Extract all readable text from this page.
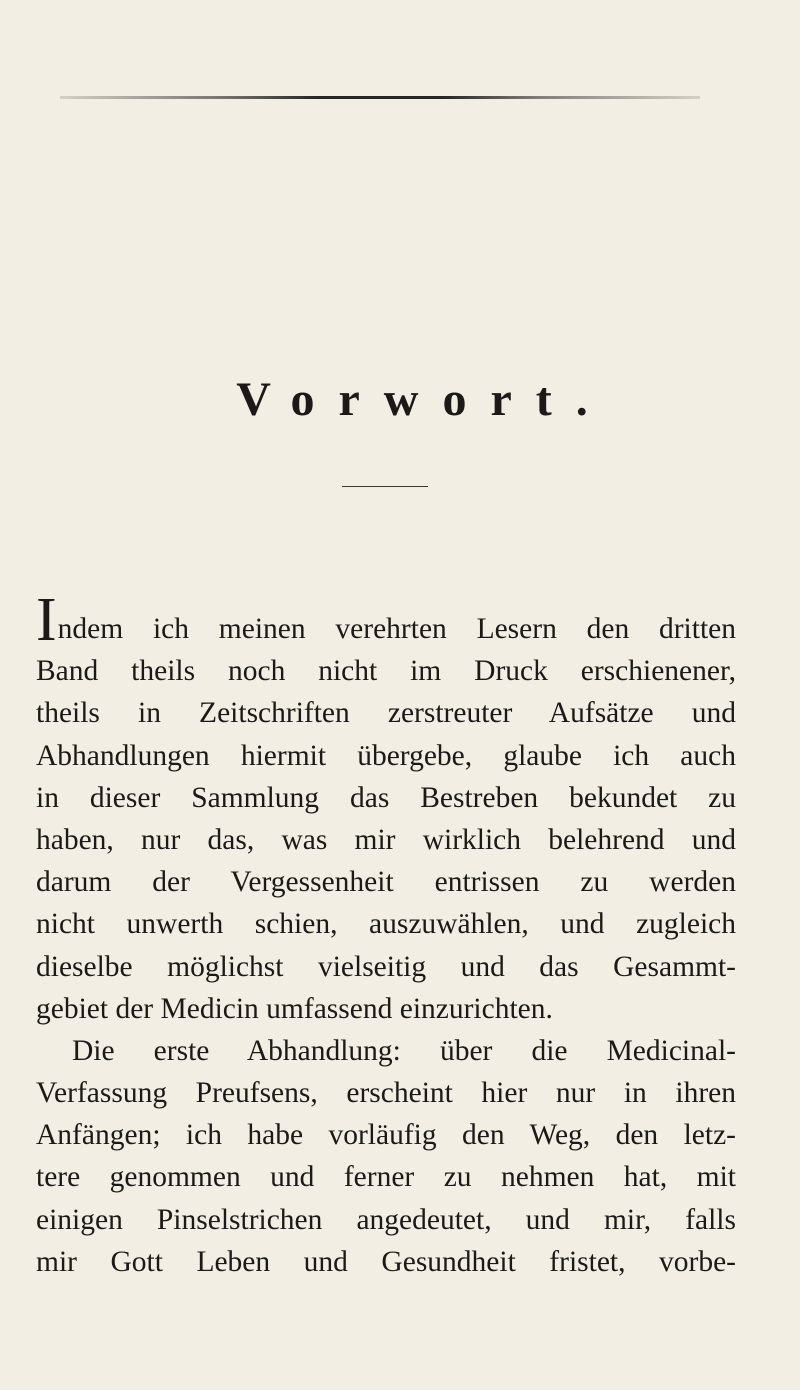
Vorwort.
Indem ich meinen verehrten Lesern den dritten
Band theils noch nicht im Druck erschienener,
theils in Zeitschriften zerstreuter Aufsätze und
Abhandlungen hiermit übergebe, glaube ich auch
in dieser Sammlung das Bestreben bekundet zu
haben, nur das, was mir wirklich belehrend und
darum der Vergessenheit entrissen zu werden
nicht unwerth schien, auszuwählen, und zugleich
dieselbe möglichst vielseitig und das Gesammt-
gebiet der Medicin umfassend einzurichten.
Die erste Abhandlung: über die Medicinal-
Verfassung Preufsens, erscheint hier nur in ihren
Anfängen; ich habe vorläufig den Weg, den letz-
tere genommen und ferner zu nehmen hat, mit
einigen Pinselstrichen angedeutet, und mir, falls
mir Gott Leben und Gesundheit fristet, vorbe-
